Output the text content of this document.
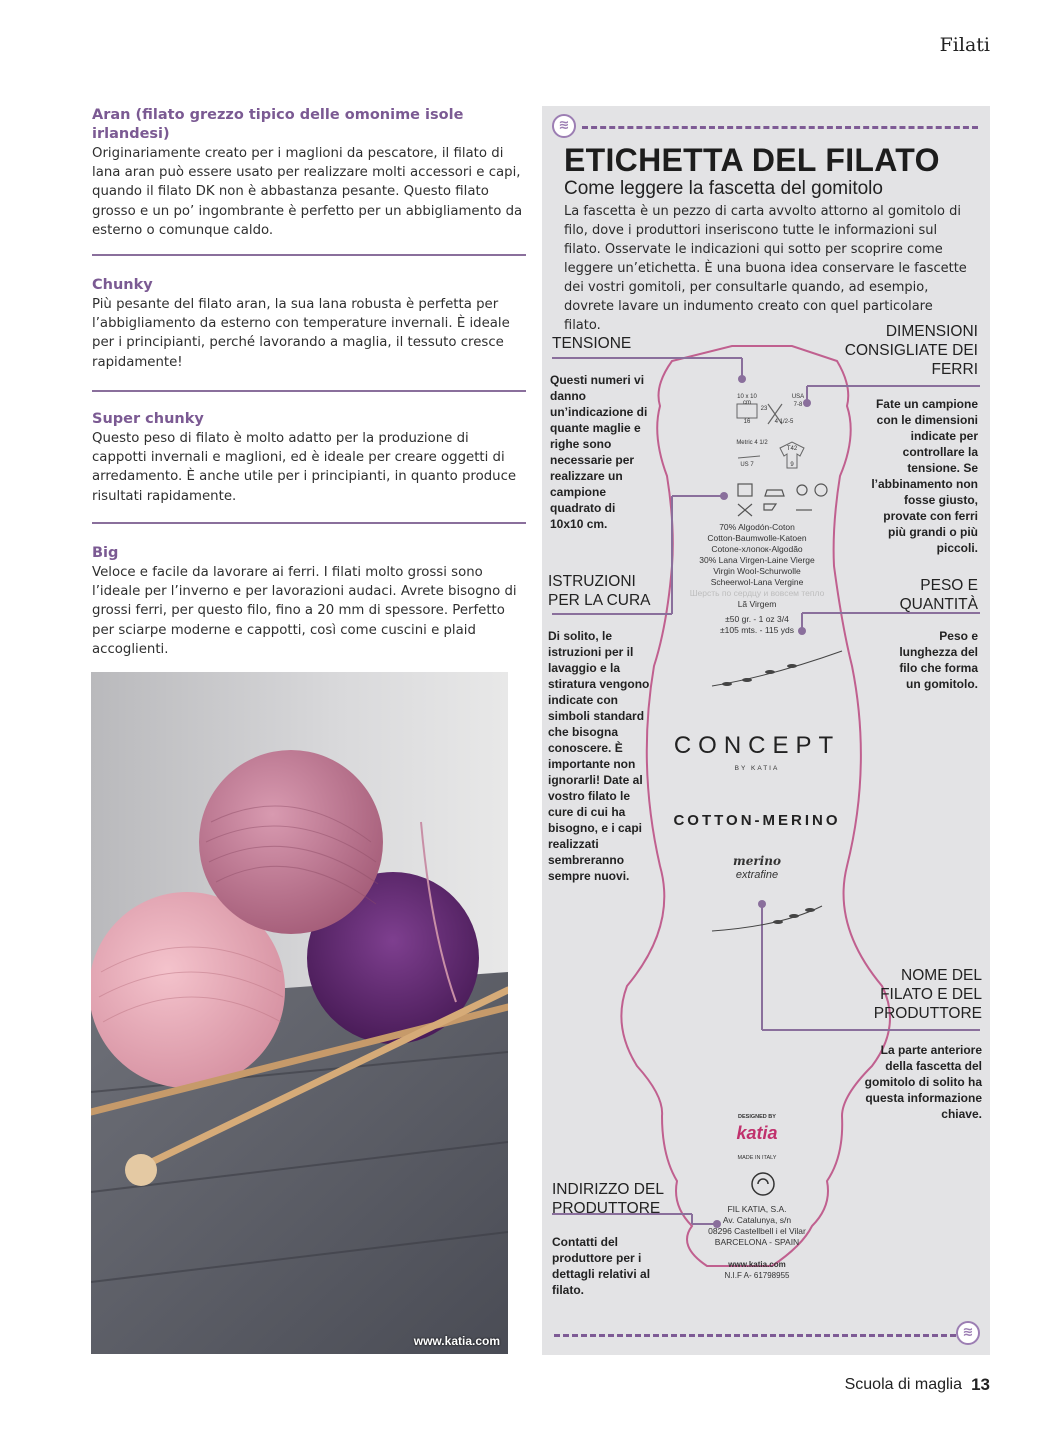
Filati
Aran (filato grezzo tipico delle omonime isole irlandesi)
Originariamente creato per i maglioni da pescatore, il filato di lana aran può essere usato per realizzare molti accessori e capi, quando il filato DK non è abbastanza pesante. Questo filato grosso e un po’ ingombrante è perfetto per un abbigliamento da esterno o comunque caldo.
Chunky
Più pesante del filato aran, la sua lana robusta è perfetta per l’abbigliamento da esterno con temperature invernali. È ideale per i principianti, perché lavorando a maglia, il tessuto cresce rapidamente!
Super chunky
Questo peso di filato è molto adatto per la produzione di cappotti invernali e maglioni, ed è ideale per creare oggetti di arredamento. È anche utile per i principianti, in quanto produce risultati rapidamente.
Big
Veloce e facile da lavorare ai ferri. I filati molto grossi sono l’ideale per l’inverno e per lavorazioni audaci. Avrete bisogno di grossi ferri, per questo filo, fino a 20 mm di spessore. Perfetto per sciarpe moderne e cappotti, così come cuscini e plaid accoglienti.
www.katia.com
≋
ETICHETTA DEL FILATO
Come leggere la fascetta del gomitolo
La fascetta è un pezzo di carta avvolto attorno al gomitolo di filo, dove i produttori inseriscono tutte le informazioni sul filato. Osservate le indicazioni qui sotto per scoprire come leggere un’etichetta. È una buona idea conservare le fascette dei vostri gomitoli, per consultarle quando, ad esempio, dovrete lavare un indumento creato con quel particolare filato.
10 x 10 cm
23
16
USA
7-8
4 1/2-5
Metric 4 1/2
US 7
T42
9
70% Algodón-Coton
Cotton-Baumwolle-Katoen
Cotone-хлопок-Algodão
30% Lana Virgen-Laine Vierge
Virgin Wool-Schurwolle
Scheerwol-Lana Vergine
Шерсть по сердцу и вовсем тепло
Lã Virgem
±50 gr. - 1 oz 3/4
±105 mts. - 115 yds
CONCEPT
BY KATIA
COTTON-MERINO
merino
extrafine
DESIGNED BY
katia
MADE IN ITALY
FIL KATIA, S.A.
Av. Catalunya, s/n
08296 Castellbell i el Vilar
BARCELONA - SPAIN
www.katia.com
N.I.F A- 61798955
TENSIONE
Questi numeri vi danno un’indicazione di quante maglie e righe sono necessarie per realizzare un campione quadrato di 10x10 cm.
DIMENSIONI CONSIGLIATE DEI FERRI
Fate un campione con le dimensioni indicate per controllare la tensione. Se l’abbinamento non fosse giusto, provate con ferri più grandi o più piccoli.
ISTRUZIONI PER LA CURA
Di solito, le istruzioni per il lavaggio e la stiratura vengono indicate con simboli standard che bisogna conoscere. È importante non ignorarli! Date al vostro filato le cure di cui ha bisogno, e i capi realizzati sembreranno sempre nuovi.
PESO E QUANTITÀ
Peso e lunghezza del filo che forma un gomitolo.
NOME DEL FILATO E DEL PRODUTTORE
La parte anteriore della fascetta del gomitolo di solito ha questa informazione chiave.
INDIRIZZO DEL PRODUTTORE
Contatti del produttore per i dettagli relativi al filato.
≋
Scuola di maglia 13
